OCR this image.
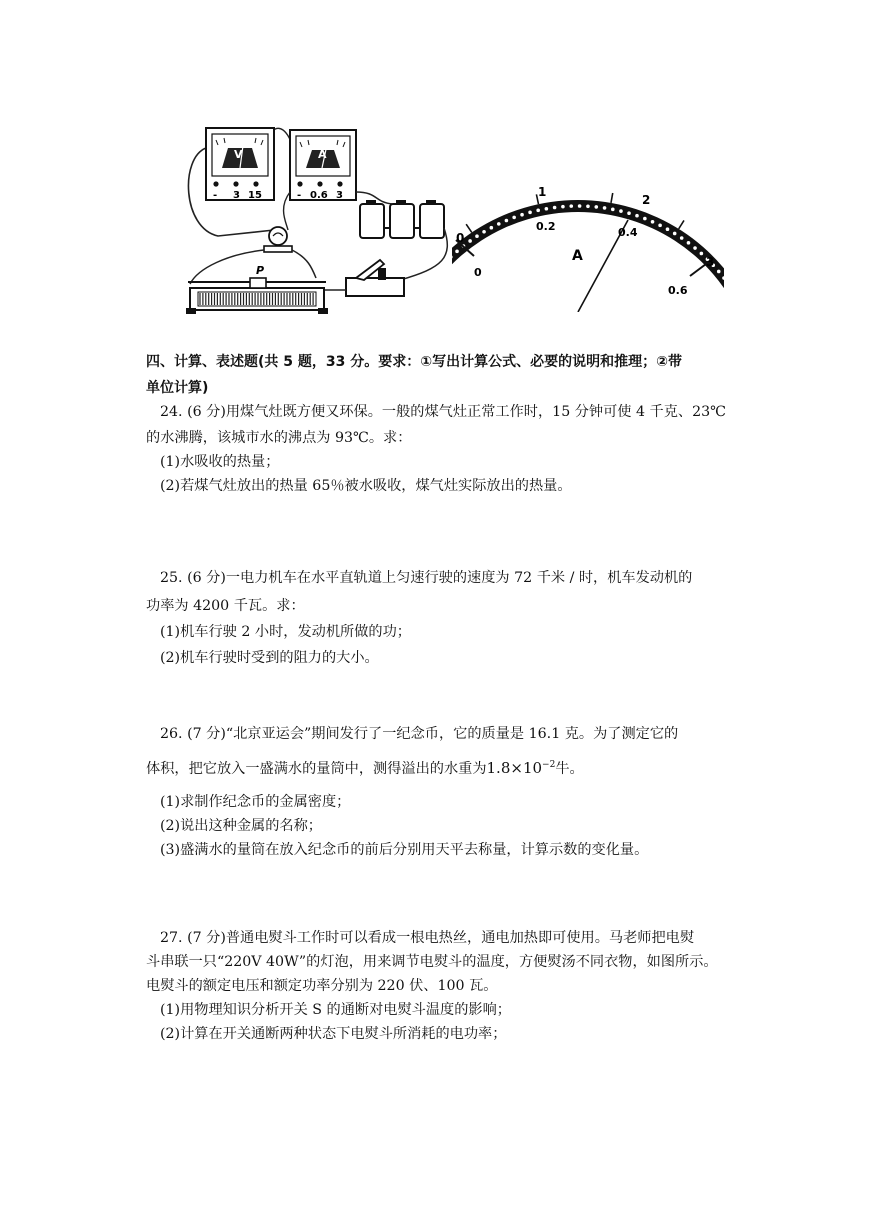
V
- 3 15
A
- 0.6 3
P
0
1
2
3
0
0.2	0.4
0.6
A
四、计算、表述题(共 5 题，33 分。要求：①写出计算公式、必要的说明和推理；②带
单位计算)
24. (6 分)用煤气灶既方便又环保。一般的煤气灶正常工作时，15 分钟可使 4 千克、23℃
的水沸腾，该城市水的沸点为 93℃。求：
(1)水吸收的热量；
(2)若煤气灶放出的热量 65％被水吸收，煤气灶实际放出的热量。
25. (6 分)一电力机车在水平直轨道上匀速行驶的速度为 72 千米 / 时，机车发动机的
功率为 4200 千瓦。求：
(1)机车行驶 2 小时，发动机所做的功；
(2)机车行驶时受到的阻力的大小。
26. (7 分)“北京亚运会”期间发行了一纪念币，它的质量是 16.1 克。为了测定它的
体积，把它放入一盛满水的量筒中，测得溢出的水重为$1.8\times 10^{-2}$牛。
(1)求制作纪念币的金属密度；
(2)说出这种金属的名称；
(3)盛满水的量筒在放入纪念币的前后分别用天平去称量，计算示数的变化量。
27. (7 分)普通电熨斗工作时可以看成一根电热丝，通电加热即可使用。马老师把电熨
斗串联一只“220V 40W”的灯泡，用来调节电熨斗的温度，方便熨汤不同衣物，如图所示。
电熨斗的额定电压和额定功率分别为 220 伏、100 瓦。
(1)用物理知识分析开关 S 的通断对电熨斗温度的影响；
(2)计算在开关通断两种状态下电熨斗所消耗的电功率；
